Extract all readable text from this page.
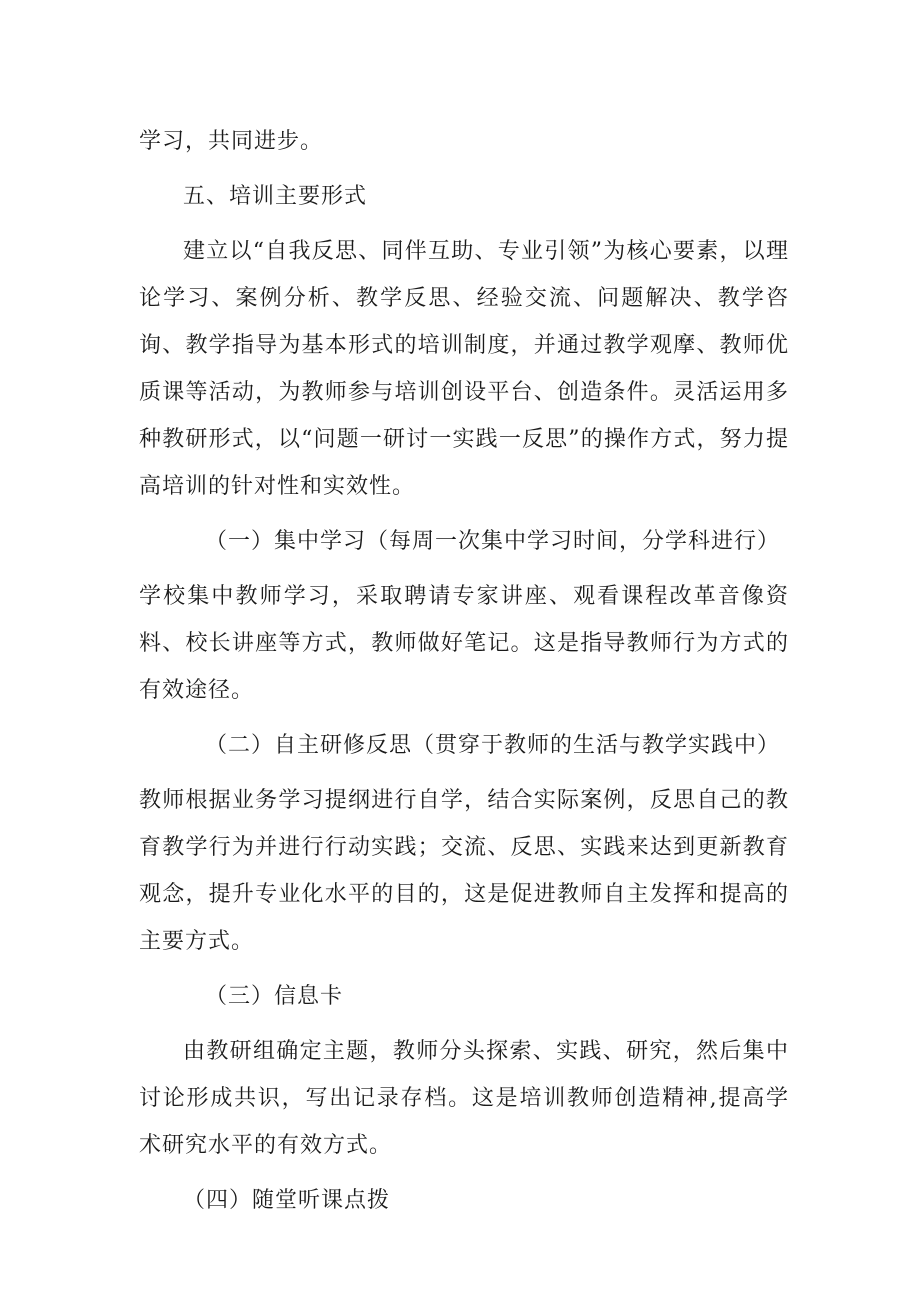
学习，共同进步。

五、培训主要形式

建立以“自我反思、同伴互助、专业引领”为核心要素，以理论学习、案例分析、教学反思、经验交流、问题解决、教学咨询、教学指导为基本形式的培训制度，并通过教学观摩、教师优质课等活动，为教师参与培训创设平台、创造条件。灵活运用多种教研形式，以“问题一研讨一实践一反思”的操作方式，努力提高培训的针对性和实效性。

（一）集中学习（每周一次集中学习时间，分学科进行）

学校集中教师学习，采取聘请专家讲座、观看课程改革音像资料、校长讲座等方式，教师做好笔记。这是指导教师行为方式的有效途径。

（二）自主研修反思（贯穿于教师的生活与教学实践中）

教师根据业务学习提纲进行自学，结合实际案例，反思自己的教育教学行为并进行行动实践；交流、反思、实践来达到更新教育观念，提升专业化水平的目的，这是促进教师自主发挥和提高的主要方式。

（三）信息卡

由教研组确定主题，教师分头探索、实践、研究，然后集中讨论形成共识，写出记录存档。这是培训教师创造精神,提高学术研究水平的有效方式。

（四）随堂听课点拨
